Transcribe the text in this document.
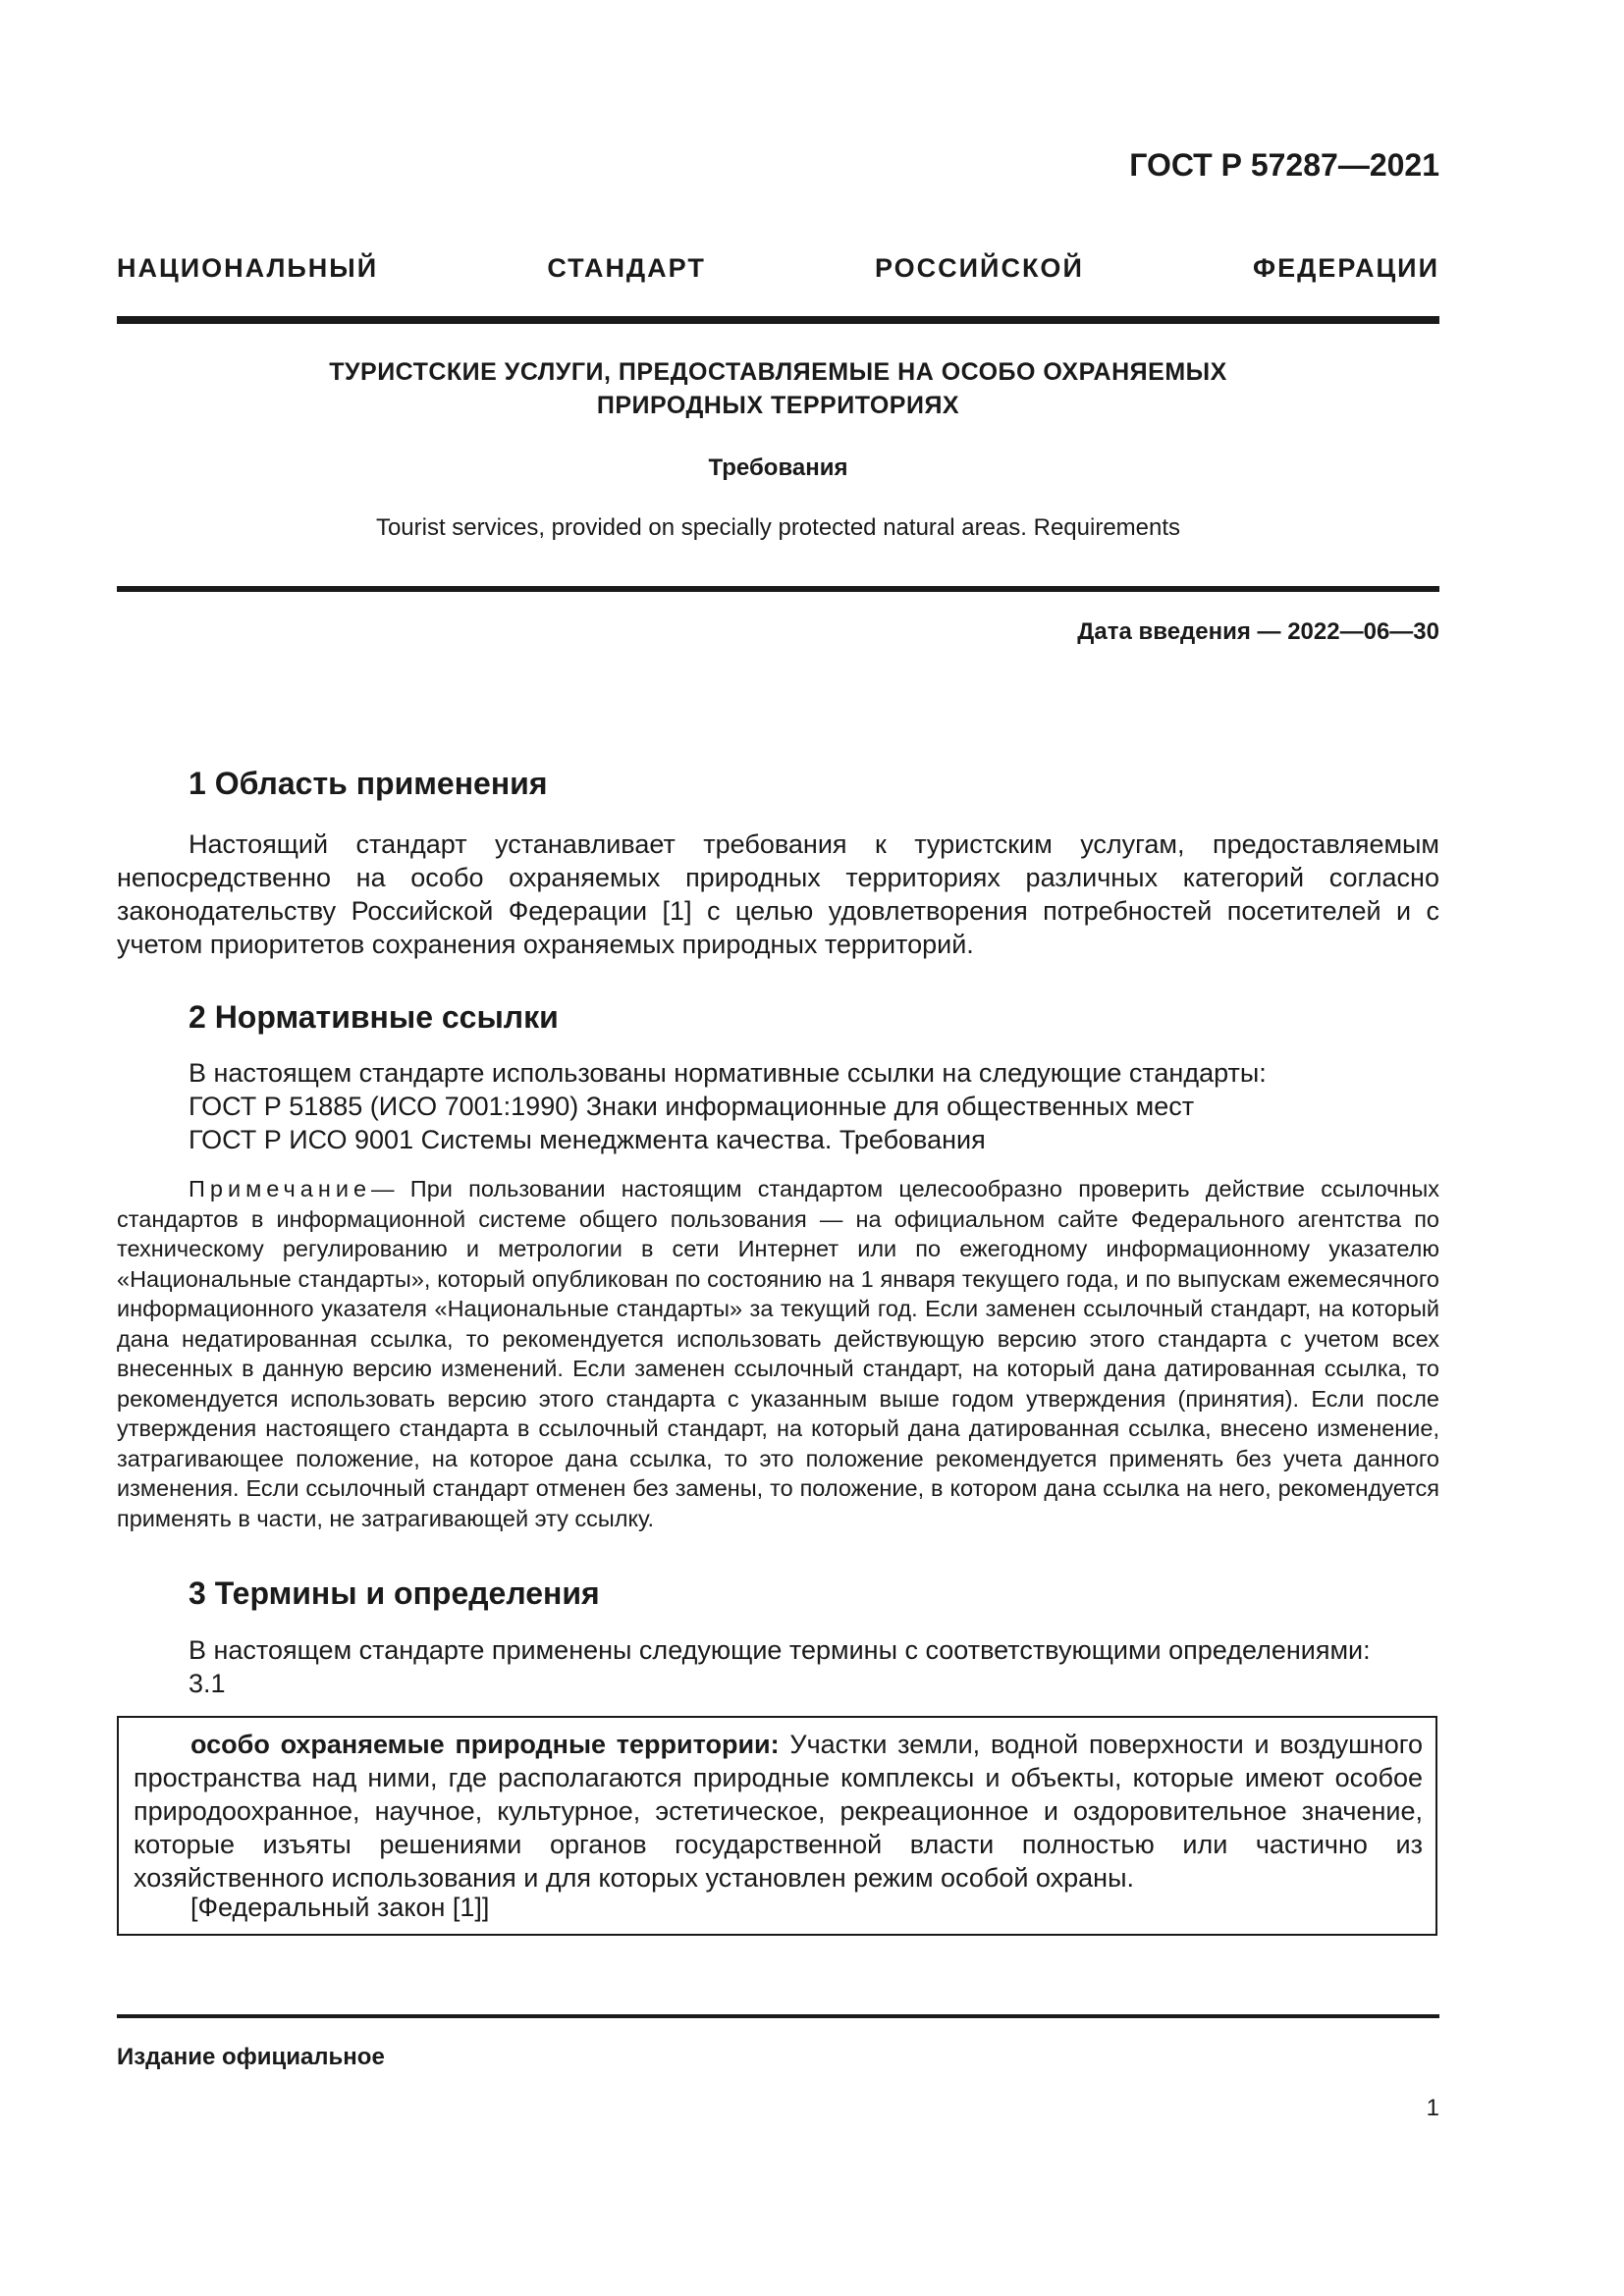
ГОСТ Р 57287—2021
НАЦИОНАЛЬНЫЙ СТАНДАРТ РОССИЙСКОЙ ФЕДЕРАЦИИ
ТУРИСТСКИЕ УСЛУГИ, ПРЕДОСТАВЛЯЕМЫЕ НА ОСОБО ОХРАНЯЕМЫХ
ПРИРОДНЫХ ТЕРРИТОРИЯХ
Требования
Tourist services, provided on specially protected natural areas. Requirements
Дата введения — 2022—06—30
1 Область применения
Настоящий стандарт устанавливает требования к туристским услугам, предоставляемым непосредственно на особо охраняемых природных территориях различных категорий согласно законодательству Российской Федерации [1] с целью удовлетворения потребностей посетителей и с учетом приоритетов сохранения охраняемых природных территорий.
2 Нормативные ссылки
В настоящем стандарте использованы нормативные ссылки на следующие стандарты:
ГОСТ Р 51885 (ИСО 7001:1990) Знаки информационные для общественных мест
ГОСТ Р ИСО 9001 Системы менеджмента качества. Требования
Примечание— При пользовании настоящим стандартом целесообразно проверить действие ссылочных стандартов в информационной системе общего пользования — на официальном сайте Федерального агентства по техническому регулированию и метрологии в сети Интернет или по ежегодному информационному указателю «Национальные стандарты», который опубликован по состоянию на 1 января текущего года, и по выпускам ежемесячного информационного указателя «Национальные стандарты» за текущий год. Если заменен ссылочный стандарт, на который дана недатированная ссылка, то рекомендуется использовать действующую версию этого стандарта с учетом всех внесенных в данную версию изменений. Если заменен ссылочный стандарт, на который дана датированная ссылка, то рекомендуется использовать версию этого стандарта с указанным выше годом утверждения (принятия). Если после утверждения настоящего стандарта в ссылочный стандарт, на который дана датированная ссылка, внесено изменение, затрагивающее положение, на которое дана ссылка, то это положение рекомендуется применять без учета данного изменения. Если ссылочный стандарт отменен без замены, то положение, в котором дана ссылка на него, рекомендуется применять в части, не затрагивающей эту ссылку.
3 Термины и определения
В настоящем стандарте применены следующие термины с соответствующими определениями:
3.1
особо охраняемые природные территории: Участки земли, водной поверхности и воздушного пространства над ними, где располагаются природные комплексы и объекты, которые имеют особое природоохранное, научное, культурное, эстетическое, рекреационное и оздоровительное значение, которые изъяты решениями органов государственной власти полностью или частично из хозяйственного использования и для которых установлен режим особой охраны.
[Федеральный закон [1]]
Издание официальное
1
